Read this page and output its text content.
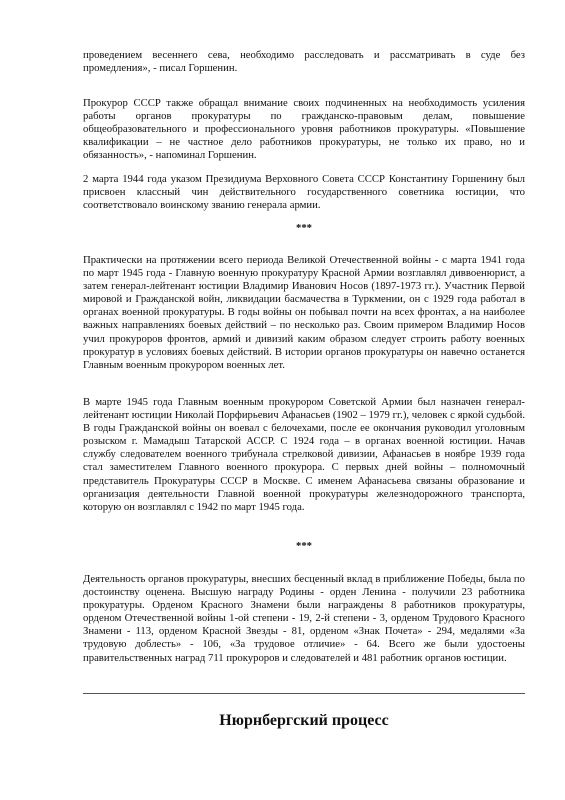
проведением весеннего сева, необходимо расследовать и рассматривать в суде без промедления», - писал Горшенин.

Прокурор СССР также обращал внимание своих подчиненных на необходимость усиления работы органов прокуратуры по гражданско-правовым делам, повышение общеобразовательного и профессионального уровня работников прокуратуры. «Повышение квалификации – не частное дело работников прокуратуры, не только их право, но и обязанность», - напоминал Горшенин.

2 марта 1944 года указом Президиума Верховного Совета СССР Константину Горшенину был присвоен классный чин действительного государственного советника юстиции, что соответствовало воинскому званию генерала армии.

***

Практически на протяжении всего периода Великой Отечественной войны - с марта 1941 года по март 1945 года - Главную военную прокуратуру Красной Армии возглавлял диввоенюрист, а затем генерал-лейтенант юстиции Владимир Иванович Носов (1897-1973 гг.). Участник Первой мировой и Гражданской войн, ликвидации басмачества в Туркмении, он с 1929 года работал в органах военной прокуратуры. В годы войны он побывал почти на всех фронтах, а на наиболее важных направлениях боевых действий – по несколько раз. Своим примером Владимир Носов учил прокуроров фронтов, армий и дивизий каким образом следует строить работу военных прокуратур в условиях боевых действий. В истории органов прокуратуры он навечно останется Главным военным прокурором военных лет.

В марте 1945 года Главным военным прокурором Советской Армии был назначен генерал-лейтенант юстиции Николай Порфирьевич Афанасьев (1902 – 1979 гг.), человек с яркой судьбой. В годы Гражданской войны он воевал с белочехами, после ее окончания руководил уголовным розыском г. Мамадыш Татарской АССР. С 1924 года – в органах военной юстиции. Начав службу следователем военного трибунала стрелковой дивизии, Афанасьев в ноябре 1939 года стал заместителем Главного военного прокурора. С первых дней войны – полномочный представитель Прокуратуры СССР в Москве. С именем Афанасьева связаны образование и организация деятельности Главной военной прокуратуры железнодорожного транспорта, которую он возглавлял с 1942 по март 1945 года.

***

Деятельность органов прокуратуры, внесших бесценный вклад в приближение Победы, была по достоинству оценена. Высшую награду Родины - орден Ленина - получили 23 работника прокуратуры. Орденом Красного Знамени были награждены 8 работников прокуратуры, орденом Отечественной войны 1-ой степени - 19, 2-й степени - 3, орденом Трудового Красного Знамени - 113, орденом Красной Звезды - 81, орденом «Знак Почета» - 294, медалями «За трудовую доблесть» - 106, «За трудовое отличие» - 64. Всего же были удостоены правительственных наград 711 прокуроров и следователей и 481 работник органов юстиции.

Нюрнбергский процесс
